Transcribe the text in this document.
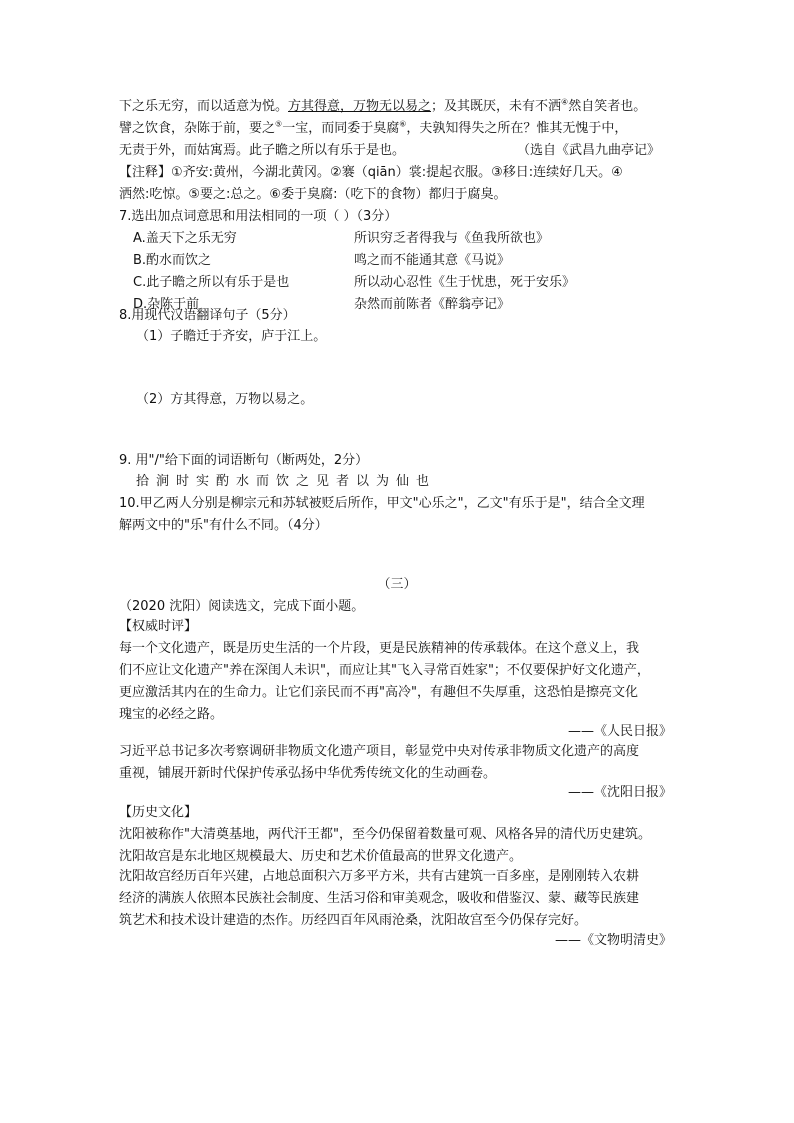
下之乐无穷，而以适意为悦。方其得意，万物无以易之；及其既厌，未有不洒④然自笑者也。
譬之饮食，杂陈于前，要之⑤一宝，而同委于臭腐⑥，夫孰知得失之所在？惟其无愧于中，
无责于外，而姑寓焉。此子瞻之所以有乐于是也。	（选自《武昌九曲亭记》
【注释】①齐安:黄州，今湖北黄冈。②褰（qiān）裳:提起衣服。③移日:连续好几天。④
洒然:吃惊。⑤要之:总之。⑥委于臭腐:（吃下的食物）都归于腐臭。
7.选出加点词意思和用法相同的一项（ ）（3分）
A.盖天下之乐无穷	所识穷乏者得我与《鱼我所欲也》
B.酌水而饮之	鸣之而不能通其意《马说》
C.此子瞻之所以有乐于是也	所以动心忍性《生于忧患，死于安乐》
D.杂陈于前	杂然而前陈者《醉翁亭记》
8.用现代汉语翻译句子（5分）
（1）子瞻迁于齐安，庐于江上。
（2）方其得意，万物以易之。
9. 用"/"给下面的词语断句（断两处，2分）
拾涧时实酌水而饮之见者以为仙也
10.甲乙两人分别是柳宗元和苏轼被贬后所作，甲文"心乐之"，乙文"有乐于是"，结合全文理
解两文中的"乐"有什么不同。（4分）
（三）
（2020 沈阳）阅读选文，完成下面小题。
【权威时评】
每一个文化遗产，既是历史生活的一个片段，更是民族精神的传承载体。在这个意义上，我
们不应让文化遗产"养在深闺人未识"，而应让其"飞入寻常百姓家"；不仅要保护好文化遗产，
更应激活其内在的生命力。让它们亲民而不再"高冷"，有趣但不失厚重，这恐怕是擦亮文化
瑰宝的必经之路。
——《人民日报》
习近平总书记多次考察调研非物质文化遗产项目，彰显党中央对传承非物质文化遗产的高度
重视，铺展开新时代保护传承弘扬中华优秀传统文化的生动画卷。
——《沈阳日报》
【历史文化】
沈阳被称作"大清奠基地，两代汗王都"，至今仍保留着数量可观、风格各异的清代历史建筑。
沈阳故宫是东北地区规模最大、历史和艺术价值最高的世界文化遗产。
沈阳故宫经历百年兴建，占地总面积六万多平方米，共有古建筑一百多座，是刚刚转入农耕
经济的满族人依照本民族社会制度、生活习俗和审美观念，吸收和借鉴汉、蒙、藏等民族建
筑艺术和技术设计建造的杰作。历经四百年风雨沧桑，沈阳故宫至今仍保存完好。
——《文物明清史》
